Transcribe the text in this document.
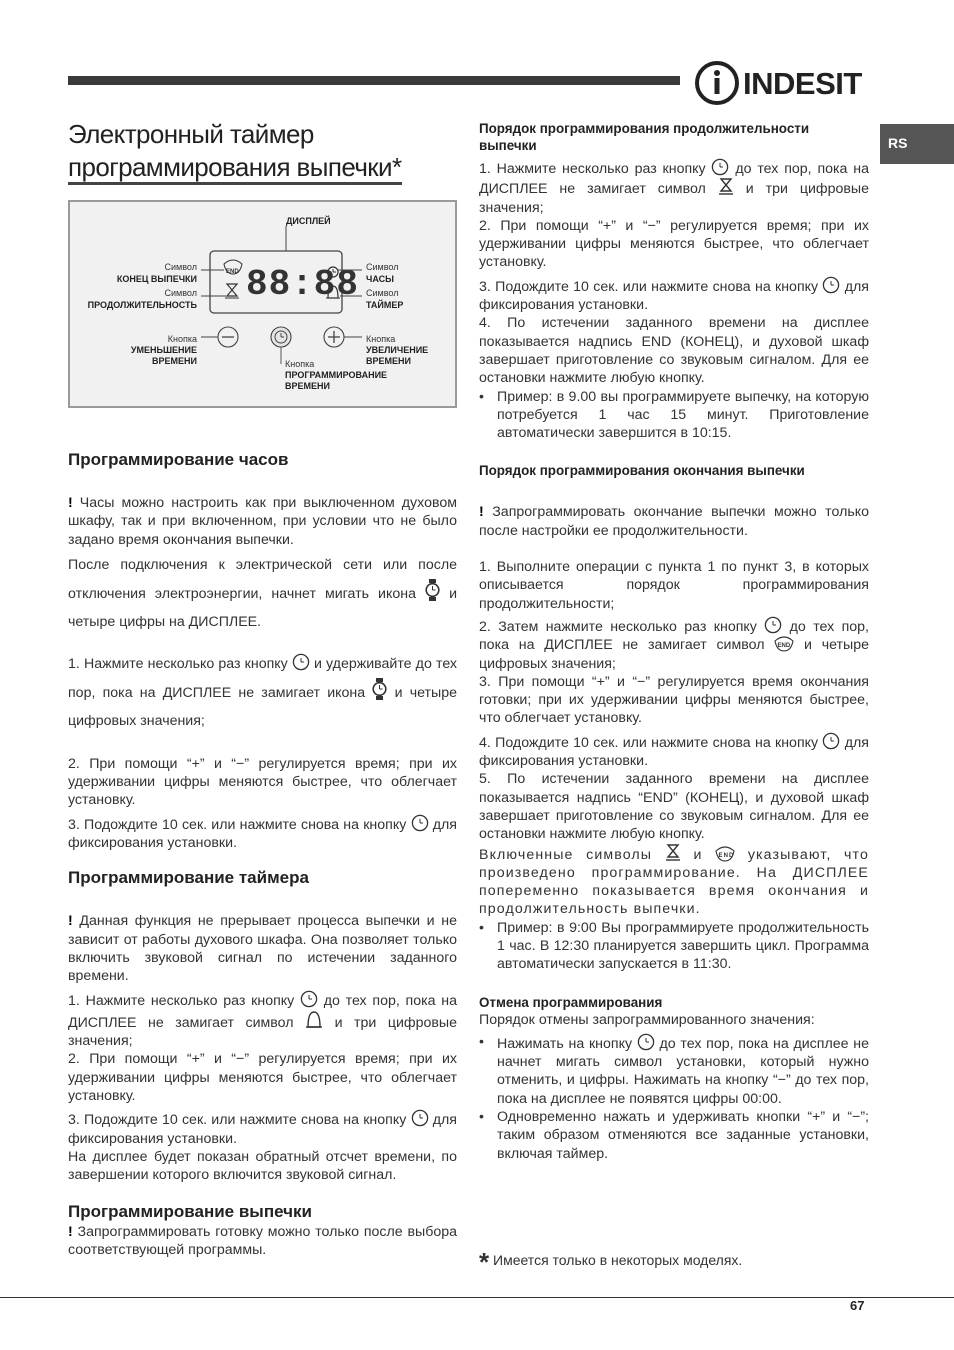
INDESIT
RS
Электронный таймер
программирования выпечки*
ДИСПЛЕЙ
88:88
END
Символ
КОНЕЦ ВЫПЕЧКИ
Символ
ПРОДОЛЖИТЕЛЬНОСТЬ
Символ
ЧАСЫ
Символ
ТАЙМЕР
Кнопка
УМЕНЬШЕНИЕ
ВРЕМЕНИ
Кнопка
УВЕЛИЧЕНИЕ
ВРЕМЕНИ
Кнопка
ПРОГРАММИРОВАНИЕ
ВРЕМЕНИ
Программирование часов

! Часы можно настроить как при выключенном духовом шкафу, так и при включенном, при условии что не было задано время окончания выпечки.

После подключения к электрической сети или после отключения электроэнергии, начнет мигать икона и четыре цифры на ДИСПЛЕЕ.

1. Нажмите несколько раз кнопку и удерживайте до тех пор, пока на ДИСПЛЕЕ не замигает икона и четыре цифровых значения;

2. При помощи “+” и “−” регулируется время; при их удерживании цифры меняются быстрее, что облегчает установку.

3. Подождите 10 сек. или нажмите снова на кнопку для фиксирования установки.

Программирование таймера

! Данная функция не прерывает процесса выпечки и не зависит от работы духового шкафа. Она позволяет только включить звуковой сигнал по истечении заданного времени.

1. Нажмите несколько раз кнопку до тех пор, пока на ДИСПЛЕЕ не замигает символ	и три цифровые значения;

2. При помощи “+” и “−” регулируется время; при их удерживании цифры меняются быстрее, что облегчает установку.

3. Подождите 10 сек. или нажмите снова на кнопку для фиксирования установки.

На дисплее будет показан обратный отсчет времени, по завершении которого включится звуковой сигнал.

Программирование выпечки

! Запрограммировать готовку можно только после выбора соответствующей программы.

Порядок программирования продолжительности выпечки

1. Нажмите несколько раз кнопку до тех пор, пока на ДИСПЛЕЕ не замигает символ	и три цифровые значения;

2. При помощи “+” и “−” регулируется время; при их удерживании цифры меняются быстрее, что облегчает установку.

3. Подождите 10 сек. или нажмите снова на кнопку для фиксирования установки.

4. По истечении заданного времени на дисплее показывается надпись END (КОНЕЦ), и духовой шкаф завершает приготовление со звуковым сигналом. Для ее остановки нажмите любую кнопку.

• Пример: в 9.00 вы программируете выпечку, на которую потребуется 1 час 15 минут. Приготовление автоматически завершится в 10:15.

Порядок программирования окончания выпечки

! Запрограммировать окончание выпечки можно только после настройки ее продолжительности.

1. Выполните операции с пункта 1 по пункт 3, в которых описывается порядок программирования продолжительности;

2. Затем нажмите несколько раз кнопку до тех пор, пока на ДИСПЛЕЕ не замигает символ END и четыре цифровых значения;

3. При помощи “+” и “−” регулируется время окончания готовки; при их удерживании цифры меняются быстрее, что облегчает установку.

4. Подождите 10 сек. или нажмите снова на кнопку для фиксирования установки.

5. По истечении заданного времени на дисплее показывается надпись “END” (КОНЕЦ), и духовой шкаф завершает приготовление со звуковым сигналом. Для ее остановки нажмите любую кнопку.

Включенные символы	и	END указывают, что произведено программирование. На ДИСПЛЕЕ попеременно показывается время окончания и продолжительность выпечки.

• Пример: в 9:00 Вы программируете продолжительность 1 час. В 12:30 планируется завершить цикл. Программа автоматически запускается в 11:30.

Отмена программирования

Порядок отмены запрограммированного значения:

• Нажимать на кнопку до тех пор, пока на дисплее не начнет мигать символ установки, который нужно отменить, и цифры. Нажимать на кнопку “−” до тех пор, пока на дисплее не появятся цифры 00:00.

• Одновременно нажать и удерживать кнопки “+” и “−”; таким образом отменяются все заданные установки, включая таймер.

* Имеется только в некоторых моделях.
67
